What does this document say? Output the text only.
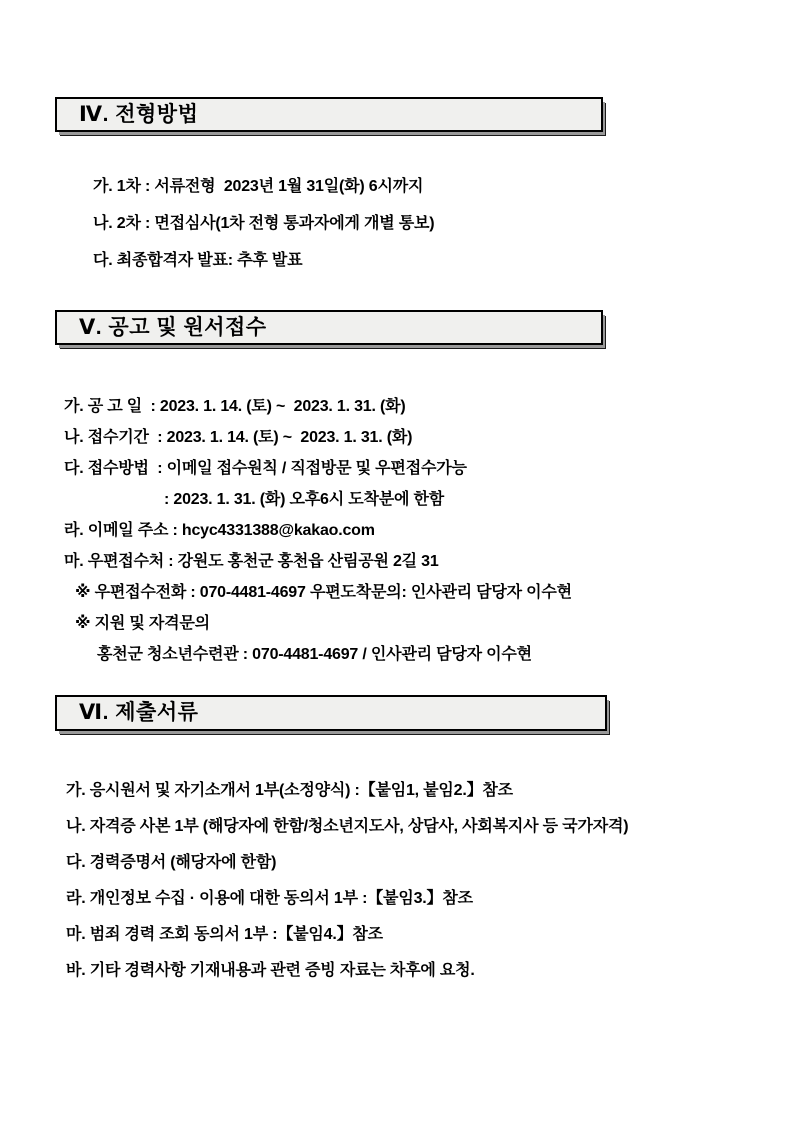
Ⅳ. 전형방법
가. 1차 : 서류전형  2023년 1월 31일(화) 6시까지
나. 2차 : 면접심사(1차 전형 통과자에게 개별 통보)
다. 최종합격자 발표: 추후 발표
Ⅴ. 공고 및 원서접수
가. 공 고 일  : 2023. 1. 14. (토) ~  2023. 1. 31. (화)
나. 접수기간  : 2023. 1. 14. (토) ~  2023. 1. 31. (화)
다. 접수방법  : 이메일 접수원칙 / 직접방문 및 우편접수가능
: 2023. 1. 31. (화) 오후6시 도착분에 한함
라. 이메일 주소 : hcyc4331388@kakao.com
마. 우편접수처 : 강원도 홍천군 홍천읍 산림공원 2길 31
※ 우편접수전화 : 070-4481-4697 우편도착문의: 인사관리 담당자 이수현
※ 지원 및 자격문의
홍천군 청소년수련관 : 070-4481-4697 / 인사관리 담당자 이수현
Ⅵ. 제출서류
가. 응시원서 및 자기소개서 1부(소정양식) :【붙임1, 붙임2.】참조
나. 자격증 사본 1부 (해당자에 한함/청소년지도사, 상담사, 사회복지사 등 국가자격)
다. 경력증명서 (해당자에 한함)
라. 개인정보 수집 · 이용에 대한 동의서 1부 :【붙임3.】참조
마. 범죄 경력 조회 동의서 1부 :【붙임4.】참조
바. 기타 경력사항 기재내용과 관련 증빙 자료는 차후에 요청.
